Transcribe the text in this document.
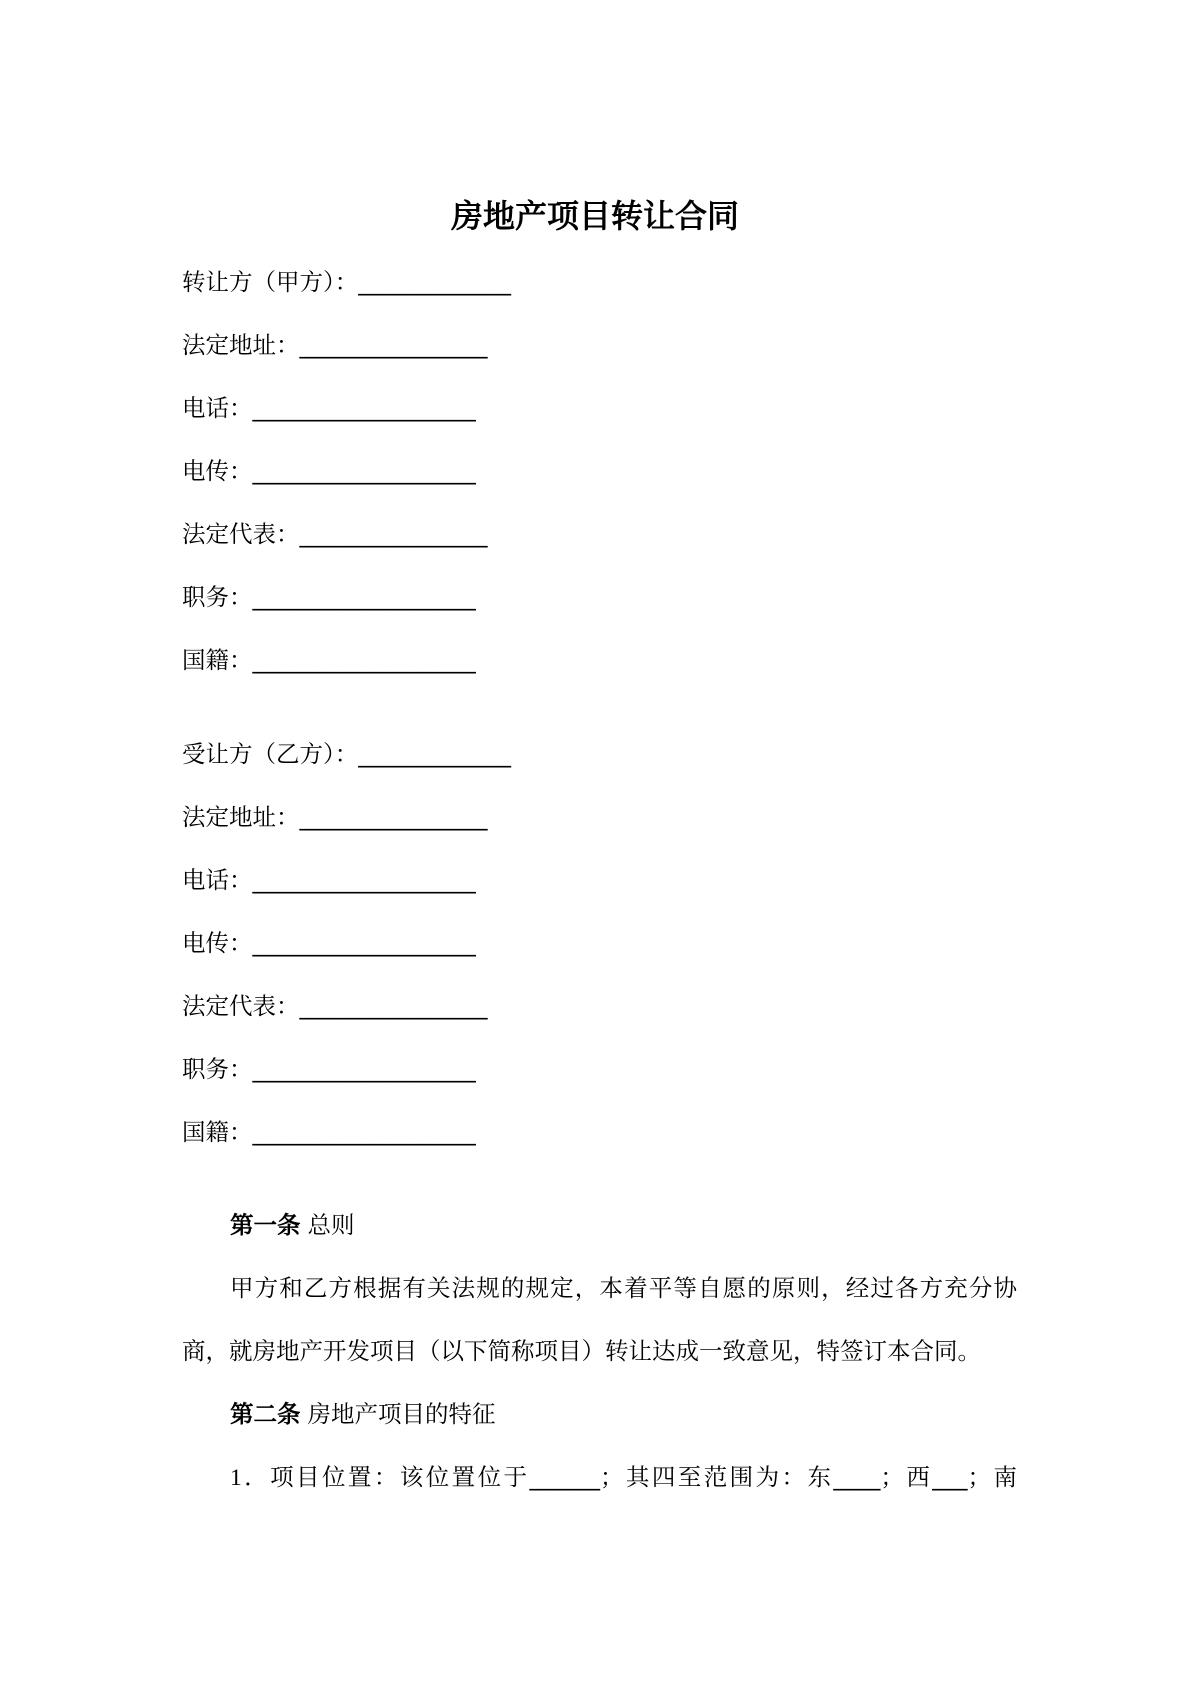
房地产项目转让合同
转让方（甲方）：_____________
法定地址：________________
电话：___________________
电传：___________________
法定代表：________________
职务：___________________
国籍：___________________
受让方（乙方）：_____________
法定地址：________________
电话：___________________
电传：___________________
法定代表：________________
职务：___________________
国籍：___________________
第一条 总则
甲方和乙方根据有关法规的规定，本着平等自愿的原则，经过各方充分协
商，就房地产开发项目（以下简称项目）转让达成一致意见，特签订本合同。
第二条 房地产项目的特征
1．项目位置：该位置位于______；其四至范围为：东____；西___；南
